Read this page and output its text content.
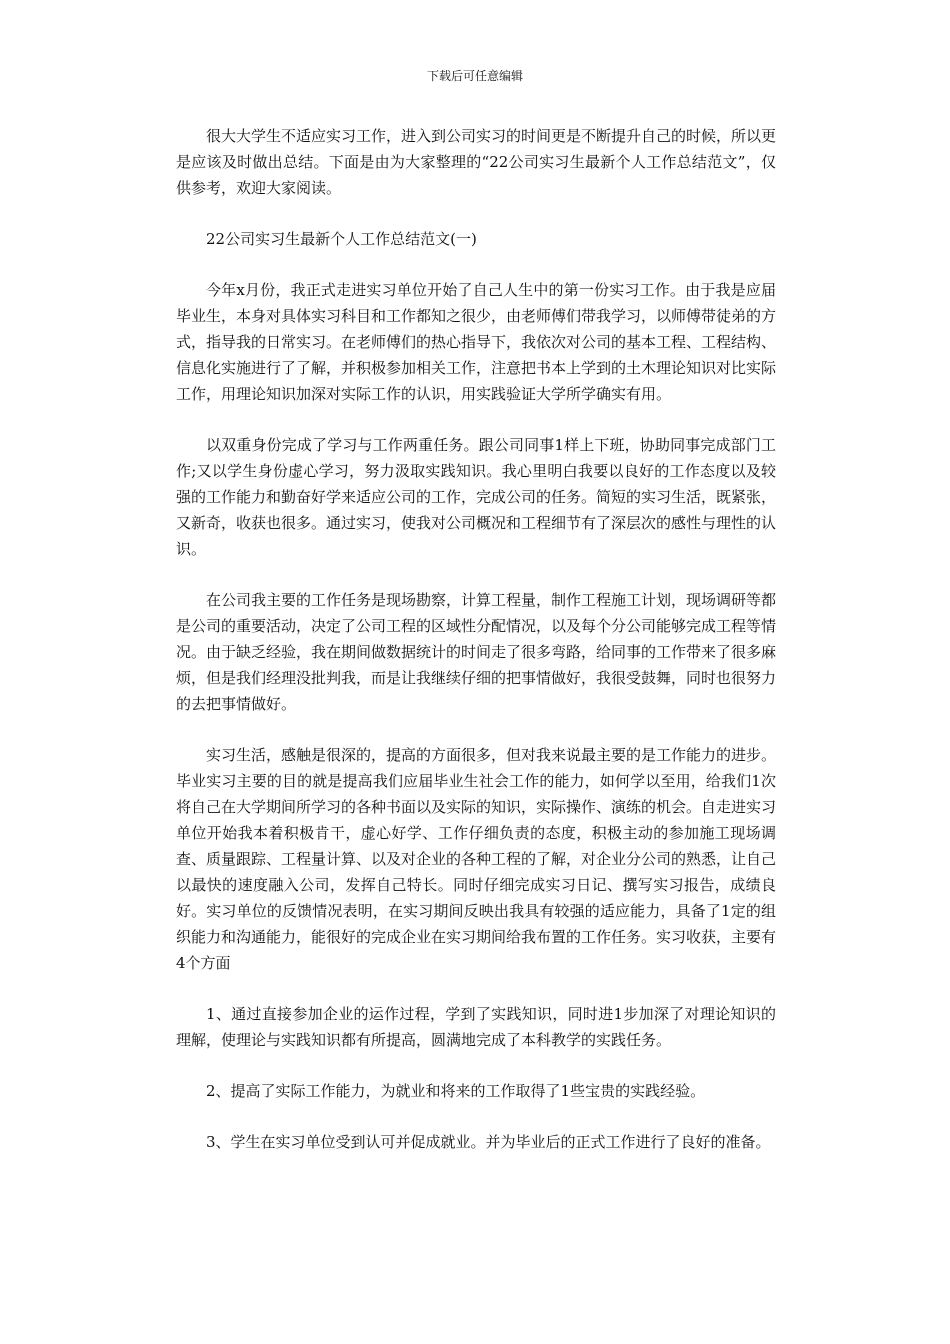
下载后可任意编辑

很大大学生不适应实习工作，进入到公司实习的时间更是不断提升自己的时候，所以更是应该及时做出总结。下面是由为大家整理的“22公司实习生最新个人工作总结范文”，仅供参考，欢迎大家阅读。

22公司实习生最新个人工作总结范文(一)

今年x月份，我正式走进实习单位开始了自己人生中的第一份实习工作。由于我是应届毕业生，本身对具体实习科目和工作都知之很少，由老师傅们带我学习，以师傅带徒弟的方式，指导我的日常实习。在老师傅们的热心指导下，我依次对公司的基本工程、工程结构、信息化实施进行了了解，并积极参加相关工作，注意把书本上学到的土木理论知识对比实际工作，用理论知识加深对实际工作的认识，用实践验证大学所学确实有用。

以双重身份完成了学习与工作两重任务。跟公司同事1样上下班，协助同事完成部门工作;又以学生身份虚心学习，努力汲取实践知识。我心里明白我要以良好的工作态度以及较强的工作能力和勤奋好学来适应公司的工作，完成公司的任务。简短的实习生活，既紧张，又新奇，收获也很多。通过实习，使我对公司概况和工程细节有了深层次的感性与理性的认识。

在公司我主要的工作任务是现场勘察，计算工程量，制作工程施工计划，现场调研等都是公司的重要活动，决定了公司工程的区域性分配情况，以及每个分公司能够完成工程等情况。由于缺乏经验，我在期间做数据统计的时间走了很多弯路，给同事的工作带来了很多麻烦，但是我们经理没批判我，而是让我继续仔细的把事情做好，我很受鼓舞，同时也很努力的去把事情做好。

实习生活，感触是很深的，提高的方面很多，但对我来说最主要的是工作能力的进步。毕业实习主要的目的就是提高我们应届毕业生社会工作的能力，如何学以至用，给我们1次将自己在大学期间所学习的各种书面以及实际的知识，实际操作、演练的机会。自走进实习单位开始我本着积极肯干，虚心好学、工作仔细负责的态度，积极主动的参加施工现场调查、质量跟踪、工程量计算、以及对企业的各种工程的了解，对企业分公司的熟悉，让自己以最快的速度融入公司，发挥自己特长。同时仔细完成实习日记、撰写实习报告，成绩良好。实习单位的反馈情况表明，在实习期间反映出我具有较强的适应能力，具备了1定的组织能力和沟通能力，能很好的完成企业在实习期间给我布置的工作任务。实习收获，主要有4个方面

1、通过直接参加企业的运作过程，学到了实践知识，同时进1步加深了对理论知识的理解，使理论与实践知识都有所提高，圆满地完成了本科教学的实践任务。

2、提高了实际工作能力，为就业和将来的工作取得了1些宝贵的实践经验。

3、学生在实习单位受到认可并促成就业。并为毕业后的正式工作进行了良好的准备。
